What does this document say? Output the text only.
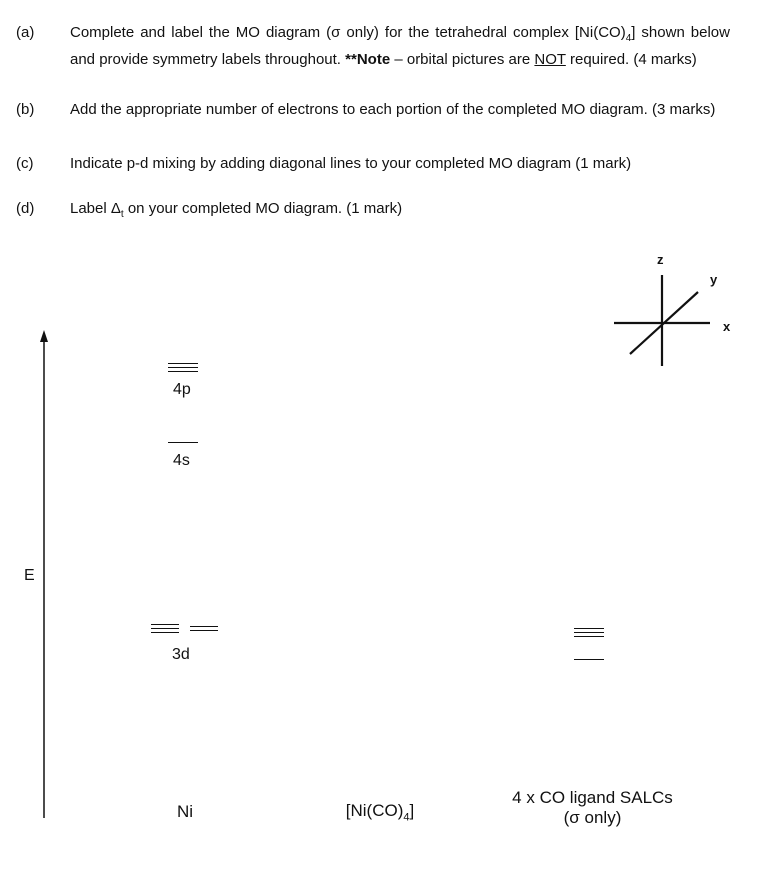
(a) Complete and label the MO diagram (σ only) for the tetrahedral complex $[Ni(CO)_4]$ shown below and provide symmetry labels throughout. **Note – orbital pictures are NOT required. (4 marks)
(b) Add the appropriate number of electrons to each portion of the completed MO diagram. (3 marks)
(c) Indicate p-d mixing by adding diagonal lines to your completed MO diagram (1 mark)
(d) Label $\Delta_t$ on your completed MO diagram. (1 mark)
z
y
x
E
4p
4s
3d
Ni	$[Ni(CO)_4]$
4 x CO ligand SALCs
(σ only)
